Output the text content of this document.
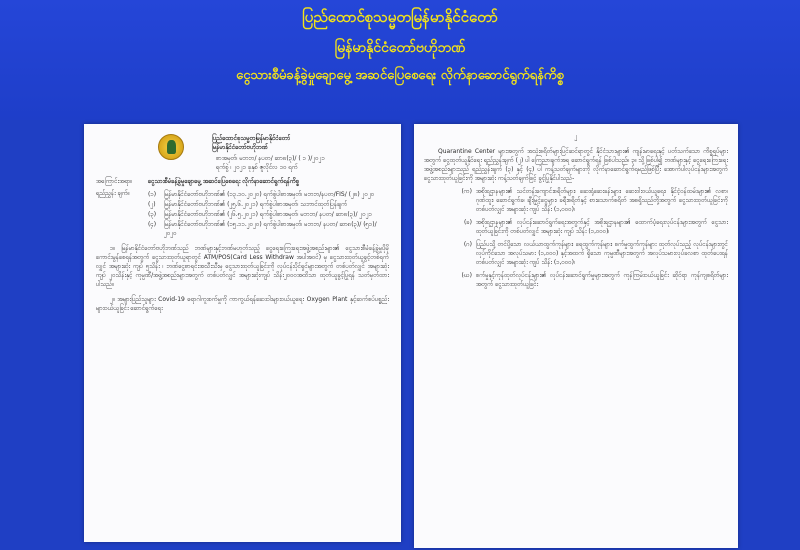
ပြည်ထောင်စုသမ္မတမြန်မာနိုင်ငံတော်
မြန်မာနိုင်ငံတော်ဗဟိုဘဏ်
ငွေသားစီမံခန့်ခွဲမှုချောမွေ့ အဆင်ပြေစေရေး လိုက်နာဆောင်ရွက်ရန်ကိစ္စ
ပြည်ထောင်စုသမ္မတမြန်မာနိုင်ငံတော်
မြန်မာနိုင်ငံတော်ဗဟိုဘဏ်
စာအမှတ်၊ မဘဘ/ နပတ/ ဆာ၈(၃)/ ( ၁ )/၂၀၂၁
ရက်စွဲ ၊ ၂၀၂၁ ခုနှစ် ဇူလိုင်လ ၁၀ ရက်
အကြောင်းအရာ။	ငွေသားစီမံခန့်ခွဲမှုချောမွေ့ အဆင်ပြေစေရေး လိုက်နာဆောင်ရွက်ရန်ကိစ္စ
ရည်ညွှန်း ချက်။	(၁)	မြန်မာနိုင်ငံတော်ဗဟိုဘဏ်၏ (၁၃.၁၀.၂၀၂၀) ရက်စွဲပါစာအမှတ်၊ မဘဘ/နပတ/FIS/ (၂၈) ၂၀၂၀
(၂)	မြန်မာနိုင်ငံတော်ဗဟိုဘဏ်၏ (၂၅.၆.၂၀၂၁) ရက်စွဲပါစာအမှတ်၊ သဘာင်ထုတ်ပြန်ချက်
(၃)	မြန်မာနိုင်ငံတော်ဗဟိုဘဏ်၏ (၂၆.၅.၂၀၂၁) ရက်စွဲပါစာအမှတ်၊ မဘဘ/ နပတ/ ဆာ၈(၃)/ ၂၀၂၁
(၄)	မြန်မာနိုင်ငံတော်ဗဟိုဘဏ်၏ (၁၅.၁၁.၂၀၂၀) ရက်စွဲပါစာအမှတ်၊ မဘဘ/ နပတ/ ဆာ၈(၃)/ (၅၁)/၂၀၂၀

၁။ မြန်မာနိုင်ငံတော်ဗဟိုဘဏ်သည် ဘဏ်များနှင့်ဘဏ်မဟုတ်သည့် ငွေရေးကြေးရေးအဖွဲ့အစည်းများ၏ ငွေသားစီမံခန့်ခွဲမှုပိုမိုကောင်းမွန်စေရန်အတွက် ငွေသားထုတ်ယူရာတွင် ATM/POS(Card Less Withdraw အပါအဝင်) မှ ငွေသားထုတ်ယူခွင့်တစ်ရက်လျှင် အများဆုံး ကျပ် ၅သိန်း ၊ ဘဏ်ငွေစာရင်းအသီးသီးမှ ငွေသားထုတ်ယူခြင်းကို လုပ်ငန်းပိုင်ရှင်များအတွက် တစ်ပတ်လျှင် အများဆုံး ကျပ် ၂၀သိန်းနှင့် ကုမ္ပဏီ/အဖွဲ့အစည်းများအတွက် တစ်ပတ်လျှင် အများဆုံးကျပ် သိန်း၂၀၀၀အထိသာ ထုတ်ယူခွင့်ပြုရန် သတ်မှတ်ထားပါသည်။

၂။ အများပြည်သူများ Covid-19 ရောဂါကူးစက်မှုကို ကာကွယ်ရန်ဆေးဝါးများဝယ်ယူရေး Oxygen Plant နှင့်ဆက်စပ်ပစ္စည်းများဝယ်ယူခြင်း ဆောင်ရွက်ရေး

၂

Quarantine Center များအတွက် အသုံးစရိတ်များပြင်ဆင်ရာတွင် နိုင်ငံသားများ၏ ကျန်းမာရေးနှင့် ပတ်သက်သော ကိစ္စရပ်များအတွက် ငွေထုတ်ယူနိုင်ရေး ရည်ညွှန်းချက် (၂) ပါ ကြေညာချက်အရ ဆောင်ရွက်ရန် ဖြစ်ပါသည်။ ၃။ သို့ဖြစ်ပါ၍ ဘဏ်များနှင့် ငွေရေးကြေးရေးအဖွဲ့အစည်းများသည် ရည်ညွှန်းချက် (၃) နှင့် (၄) ပါ ကန့်သတ်ချက်များကို လိုက်နာဆောင်ရွက်ရမည်ဖြစ်ပြီး အောက်ပါလုပ်ငန်းများအတွက် ငွေသားထုတ်ယူခြင်းကို အများဆုံး ကန့်သတ်ချက်ဖြင့် ခွင့်ပြုနိုင်ပါသည်-

(က) အစိုးရဌာနများ၏ သင်တန်းကျောင်းစရိတ်များ၊ ဆေးရုံဆေးခန်းများ၊ ဆေးဝါးဝယ်ယူရေး၊ နိုင်ငံ့ဝန်ထမ်းများ၏ လစာ၊ ဂုဏ်ထူး၊ ဆောင်ရွက်ခ၊ ချီးမြှင့်ငွေများ၊ ခရီးစရိတ်နှင့် စားသောက်စရိတ် အစရှိသည်တို့အတွက် ငွေသားထုတ်ယူခြင်းကို တစ်ပတ်လျှင် အများဆုံး ကျပ် သိန်း (၁,၀၀၀)၊
(ခ) အစိုးရဌာနများ၏ လုပ်ငန်းဆောင်ရွက်ရေးအတွက်နှင့် အစိုးရဌာနများ၏ ထောက်ပံ့ရေးလုပ်ငန်းများအတွက် ငွေသားထုတ်ယူခြင်းကို တစ်ပတ်လျှင် အများဆုံး ကျပ် သိန်း (၁,၀၀၀)၊
(ဂ) ပြည်ပသို့ တင်ပို့သော လယ်ယာထွက်ကုန်များ၊ ရေထွက်ကုန်များ၊ စက်မှုထွက်ကုန်များ ထုတ်လုပ်သည့် လုပ်ငန်းများတွင် လုပ်ကိုင်သော အလုပ်သမား (၁,၀၀၀) နှင့်အထက် ရှိသော ကုမ္ပဏီများအတွက် အလုပ်သမားလုပ်ခလစာ ထုတ်ပေးရန် တစ်ပတ်လျှင် အများဆုံး ကျပ် သိန်း (၁,၀၀၀)၊
(ဃ) စက်မှုနှင့်ကုန်ထုတ်လုပ်ငန်းများ၏ လုပ်ငန်းဆောင်ရွက်မှုများအတွက် ကုန်ကြမ်းဝယ်ယူခြင်း ဆိုင်ရာ ကုန်ကျစရိတ်များအတွက် ငွေသားထုတ်ယူခြင်း
